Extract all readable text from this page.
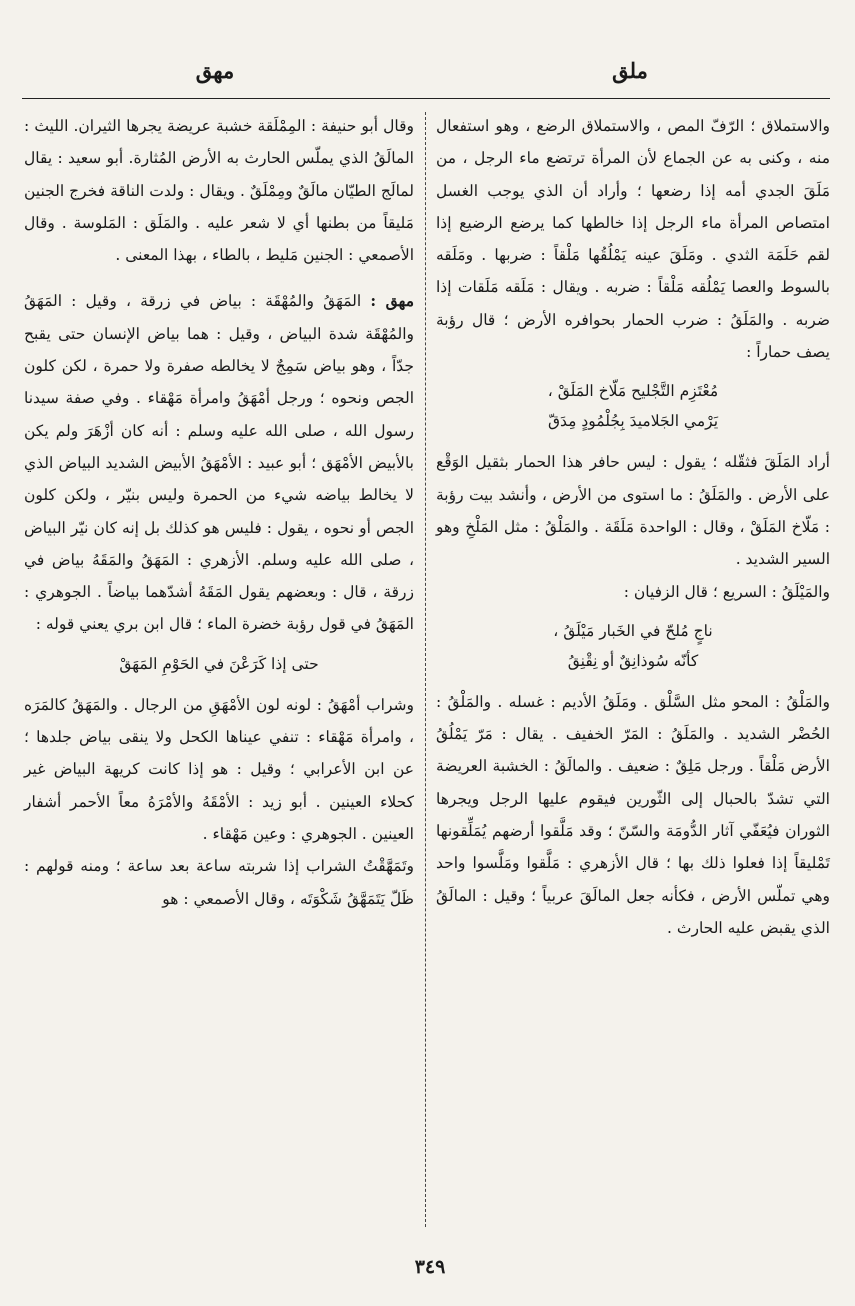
ملق
مهق

والاستملاق ؛ الرّفّ المص ، والاستملاق الرضع ، وهو استفعال منه ، وكنى به عن الجماع لأن المرأة ترتضع ماء الرجل ، من مَلَقَ الجدي أمه إذا رضعها ؛ وأراد أن الذي يوجب الغسل امتصاص المرأة ماء الرجل إذا خالطها كما يرضع الرضيع إذا لقم حَلَمَة الثدي . ومَلَقَ عينه يَمْلُقُها مَلْقاً : ضربها . ومَلَقه بالسوط والعصا يَمْلُقه مَلْقاً : ضربه . ويقال : مَلَقه مَلَقات إذا ضربه . والمَلَقُ : ضرب الحمار بحوافره الأرض ؛ قال رؤبة يصف حماراً :

مُعْتَزِم التَّجْليح مَلّاخ المَلَقْ ،

يَرْمي الجَلاميدَ بِجُلْمُودٍ مِدَقّ

أراد المَلَقَ فثقّله ؛ يقول : ليس حافر هذا الحمار بثقيل الوَقْع على الأرض . والمَلَقُ : ما استوى من الأرض ، وأنشد بيت رؤبة : مَلّاخ المَلَقْ ، وقال : الواحدة مَلَقَة . والمَلْقُ : مثل المَلْخِ وهو السير الشديد .

والمَيْلَقُ : السريع ؛ قال الزفيان :

ناجٍ مُلحّ في الخَبار مَيْلَقُ ،

كأنّه سُوذانِقٌ أو نِقْنِقُ

والمَلْقُ : المحو مثل السَّلْق . ومَلَقُ الأديم : غسله . والمَلْقُ : الحُضْر الشديد . والمَلَقُ : المَرّ الخفيف . يقال : مَرّ يَمْلُقُ الأرض مَلْقاً . ورجل مَلِقٌ : ضعيف . والمالَقُ : الخشبة العريضة التي تشدّ بالحبال إلى الثّورين فيقوم عليها الرجل ويجرها الثوران فيُعَفّي آثار الدُّومَة والسّنّ ؛ وقد مَلَّقوا أرضهم يُمَلِّقونها تَمْليقاً إذا فعلوا ذلك بها ؛ قال الأزهري : مَلَّقوا ومَلَّسوا واحد وهي تملّس الأرض ، فكأنه جعل المالَقَ عربياً ؛ وقيل : المالَقُ الذي يقبض عليه الحارث .

وقال أبو حنيفة : المِمْلَقة خشبة عريضة يجرها الثيران. الليث : المالَقُ الذي يملّس الحارث به الأرض المُثارة. أبو سعيد : يقال لمالَج الطيّان مالَقٌ ومِمْلَقٌ . ويقال : ولدت الناقة فخرج الجنين مَليقاً من بطنها أي لا شعر عليه . والمَلَق : المَلوسة . وقال الأصمعي : الجنين مَليط ، بالطاء ، بهذا المعنى .

مهق : المَهَقُ والمُهْقَة : بياض في زرقة ، وقيل : المَهَقُ والمُهْقَة شدة البياض ، وقيل : هما بياض الإنسان حتى يقبح جدّاً ، وهو بياض سَمِجٌ لا يخالطه صفرة ولا حمرة ، لكن كلون الجص ونحوه ؛ ورجل أمْهَقُ وامرأة مَهْقاء . وفي صفة سيدنا رسول الله ، صلى الله عليه وسلم : أنه كان أزْهَرَ ولم يكن بالأبيض الأمْهَق ؛ أبو عبيد : الأمْهَقُ الأبيض الشديد البياض الذي لا يخالط بياضه شيء من الحمرة وليس بنيّر ، ولكن كلون الجص أو نحوه ، يقول : فليس هو كذلك بل إنه كان نيّر البياض ، صلى الله عليه وسلم. الأزهري : المَهَقُ والمَقَهُ بياض في زرقة ، قال : وبعضهم يقول المَقَهُ أشدّهما بياضاً . الجوهري : المَهَقُ في قول رؤبة خضرة الماء ؛ قال ابن بري يعني قوله :

حتى إذا كَرَعْنَ في الحَوْمِ المَهَقْ

وشراب أمْهَقُ : لونه لون الأمْهَقِ من الرجال . والمَهَقُ كالمَرَه ، وامرأة مَهْقاء : تنفي عيناها الكحل ولا ينقى بياض جلدها ؛ عن ابن الأعرابي ؛ وقيل : هو إذا كانت كريهة البياض غير كحلاء العينين . أبو زيد : الأمْقَهُ والأمْرَهُ معاً الأحمر أشفار العينين . الجوهري : وعين مَهْقاء .

وتَمَهَّقْتُ الشراب إذا شربته ساعة بعد ساعة ؛ ومنه قولهم : ظَلّ يَتَمَهَّقُ شَكْوَتَه ، وقال الأصمعي : هو

٣٤٩
